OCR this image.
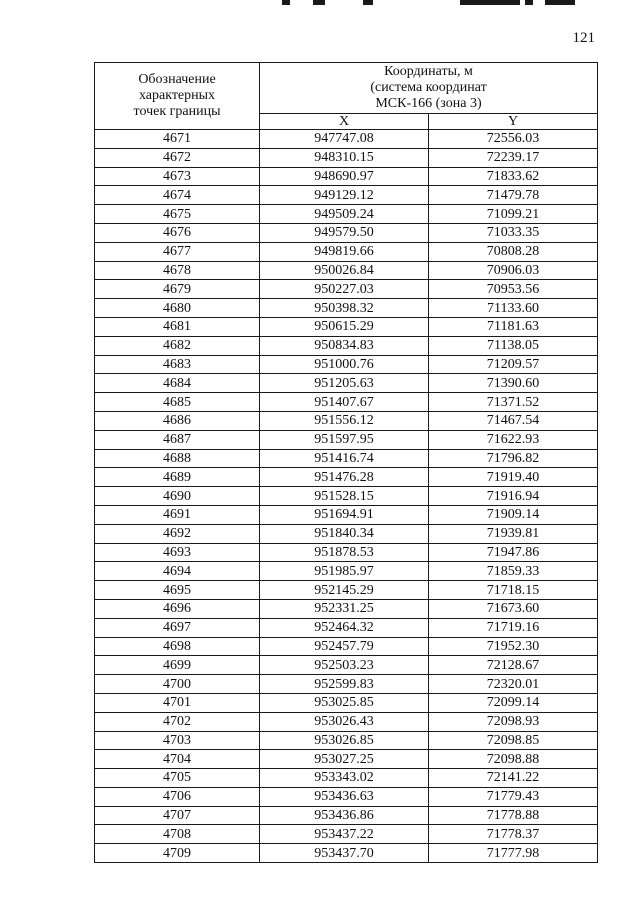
121
Обозначение
характерных
точек границы	Координаты, м
(система координат
МСК-166 (зона 3)	

	X	Y
4671	947747.08	72556.03
4672	948310.15	72239.17
4673	948690.97	71833.62
4674	949129.12	71479.78
4675	949509.24	71099.21
4676	949579.50	71033.35
4677	949819.66	70808.28
4678	950026.84	70906.03
4679	950227.03	70953.56
4680	950398.32	71133.60
4681	950615.29	71181.63
4682	950834.83	71138.05
4683	951000.76	71209.57
4684	951205.63	71390.60
4685	951407.67	71371.52
4686	951556.12	71467.54
4687	951597.95	71622.93
4688	951416.74	71796.82
4689	951476.28	71919.40
4690	951528.15	71916.94
4691	951694.91	71909.14
4692	951840.34	71939.81
4693	951878.53	71947.86
4694	951985.97	71859.33
4695	952145.29	71718.15
4696	952331.25	71673.60
4697	952464.32	71719.16
4698	952457.79	71952.30
4699	952503.23	72128.67
4700	952599.83	72320.01
4701	953025.85	72099.14
4702	953026.43	72098.93
4703	953026.85	72098.85
4704	953027.25	72098.88
4705	953343.02	72141.22
4706	953436.63	71779.43
4707	953436.86	71778.88
4708	953437.22	71778.37
4709	953437.70	71777.98
